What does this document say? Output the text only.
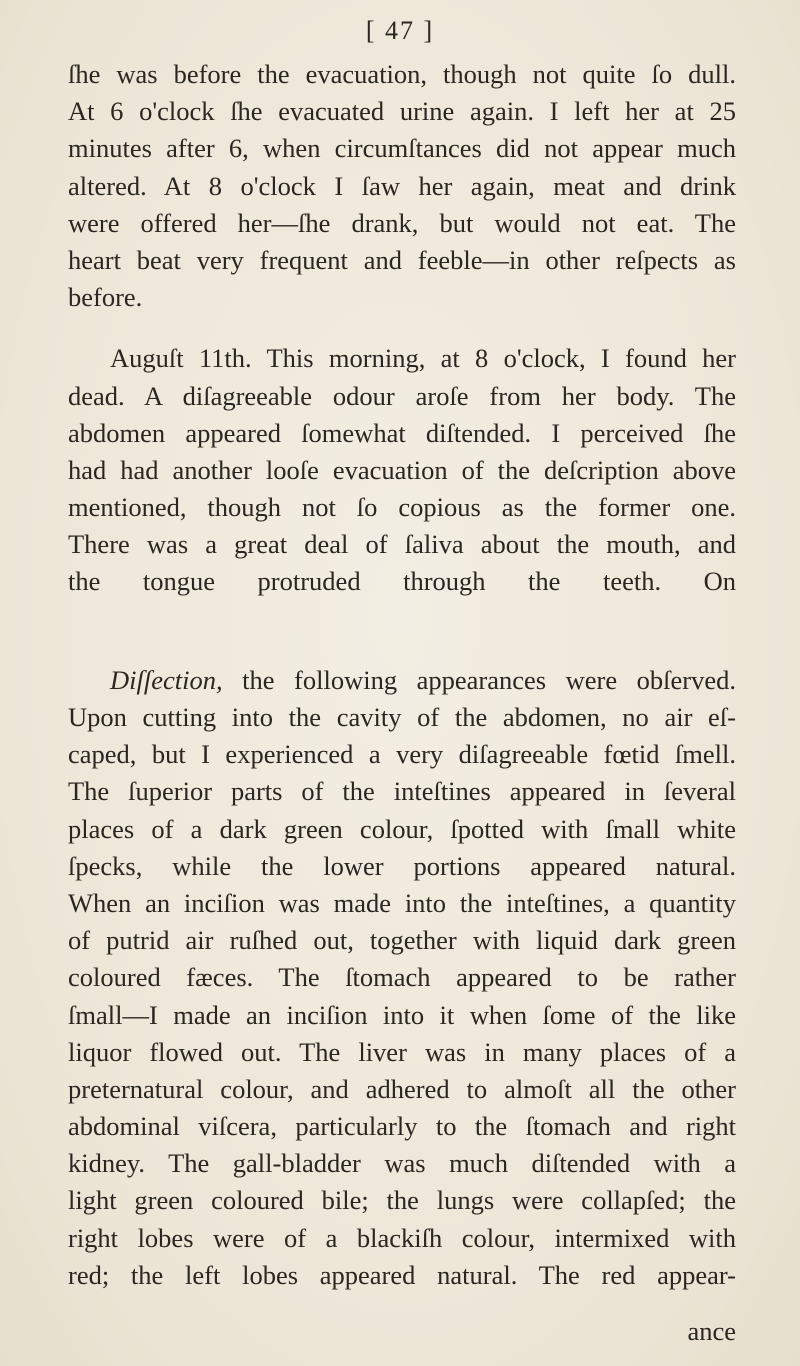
[ 47 ]
ſhe was before the evacuation, though not quite ſo dull.
At 6 o'clock ſhe evacuated urine again. I left her at 25
minutes after 6, when circumſtances did not appear much
altered. At 8 o'clock I ſaw her again, meat and drink
were offered her—ſhe drank, but would not eat. The
heart beat very frequent and feeble—in other reſpects as
before.
Auguſt 11th. This morning, at 8 o'clock, I found her
dead. A diſagreeable odour aroſe from her body. The
abdomen appeared ſomewhat diſtended. I perceived ſhe
had had another looſe evacuation of the deſcription above
mentioned, though not ſo copious as the former one.
There was a great deal of ſaliva about the mouth, and
the tongue protruded through the teeth. On
Diſſection, the following appearances were obſerved.
Upon cutting into the cavity of the abdomen, no air eſ-
caped, but I experienced a very diſagreeable fœtid ſmell.
The ſuperior parts of the inteſtines appeared in ſeveral
places of a dark green colour, ſpotted with ſmall white
ſpecks, while the lower portions appeared natural.
When an inciſion was made into the inteſtines, a quantity
of putrid air ruſhed out, together with liquid dark green
coloured fæces. The ſtomach appeared to be rather
ſmall—I made an inciſion into it when ſome of the like
liquor flowed out. The liver was in many places of a
preternatural colour, and adhered to almoſt all the other
abdominal viſcera, particularly to the ſtomach and right
kidney. The gall-bladder was much diſtended with a
light green coloured bile; the lungs were collapſed; the
right lobes were of a blackiſh colour, intermixed with
red; the left lobes appeared natural. The red appear-
ance
